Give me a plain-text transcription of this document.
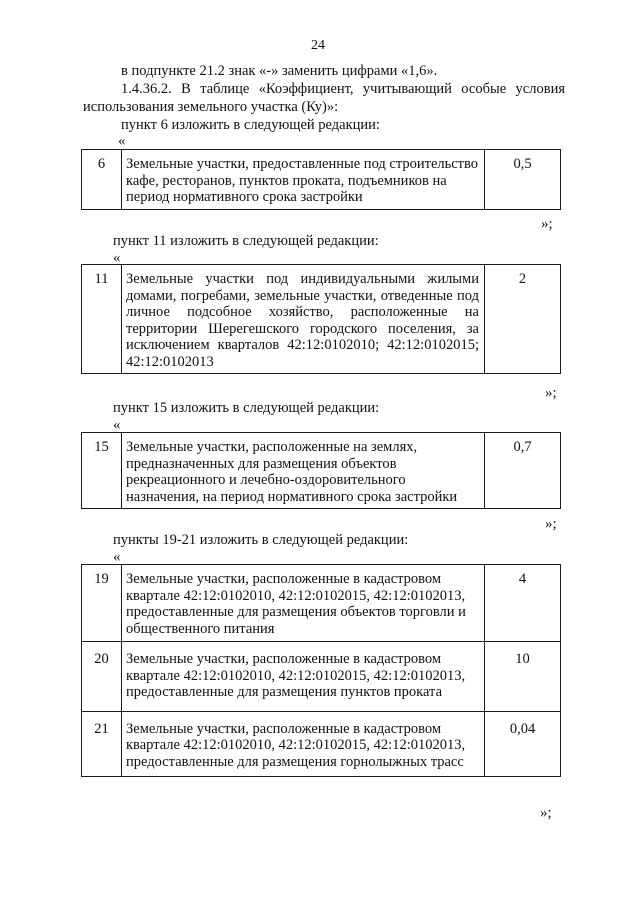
24
в подпункте 21.2 знак «-» заменить цифрами «1,6».
1.4.36.2. В таблице «Коэффициент, учитывающий особые условия
использования земельного участка (Ку)»:
пункт 6 изложить в следующей редакции:
«
6	Земельные участки, предоставленные под строительство кафе, ресторанов, пунктов проката, подъемников на период нормативного срока застройки	0,5
»;
пункт 11 изложить в следующей редакции:
«
11	Земельные участки под индивидуальными жилыми домами, погребами, земельные участки, отведенные под личное подсобное хозяйство, расположенные на территории Шерегешского городского поселения, за исключением кварталов 42:12:0102010; 42:12:0102015; 42:12:0102013	2
»;
пункт 15 изложить в следующей редакции:
«
15	Земельные участки, расположенные на землях, предназначенных для размещения объектов рекреационного и лечебно-оздоровительного назначения, на период нормативного срока застройки	0,7
»;
пункты 19-21 изложить в следующей редакции:
«
19	Земельные участки, расположенные в кадастровом квартале 42:12:0102010, 42:12:0102015, 42:12:0102013, предоставленные для размещения объектов торговли и общественного питания	4
20	Земельные участки, расположенные в кадастровом квартале 42:12:0102010, 42:12:0102015, 42:12:0102013, предоставленные для размещения пунктов проката	10
21	Земельные участки, расположенные в кадастровом квартале 42:12:0102010, 42:12:0102015, 42:12:0102013, предоставленные для размещения горнолыжных трасс	0,04
»;
